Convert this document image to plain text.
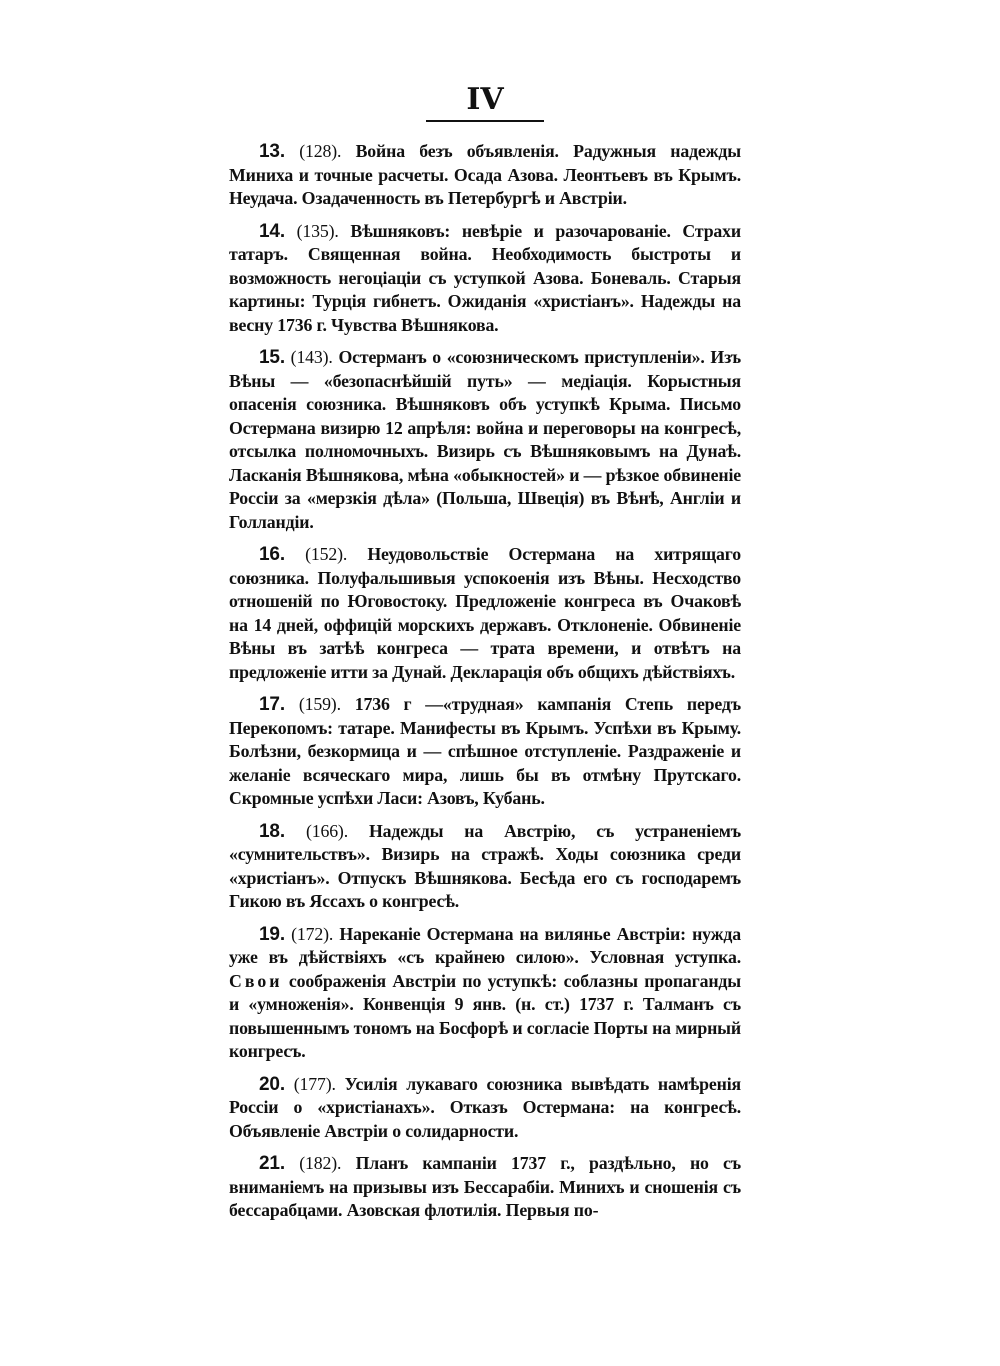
IV

13. (128). Война безъ объявленія. Радужныя надежды Миниха и точные расчеты. Осада Азова. Леонтьевъ въ Крымъ. Неудача. Озадаченность въ Петербургѣ и Австріи.

14. (135). Вѣшняковъ: невѣріе и разочарованіе. Страхи татаръ. Священная война. Необходимость быстроты и возможность негоціаціи съ уступкой Азова. Боневаль. Старыя картины: Турція гибнетъ. Ожиданія «христіанъ». Надежды на весну 1736 г. Чувства Вѣшнякова.

15. (143). Остерманъ о «союзническомъ приступленіи». Изъ Вѣны — «безопаснѣйшій путь» — медіація. Корыстныя опасенія союзника. Вѣшняковъ объ уступкѣ Крыма. Письмо Остермана визирю 12 апрѣля: война и переговоры на конгресѣ, отсылка полномочныхъ. Визирь съ Вѣшняковымъ на Дунаѣ. Ласканія Вѣшнякова, мѣна «обыкностей» и — рѣзкое обвиненіе Россіи за «мерзкія дѣла» (Польша, Швеція) въ Вѣнѣ, Англіи и Голландіи.

16. (152). Неудовольствіе Остермана на хитрящаго союзника. Полуфальшивыя успокоенія изъ Вѣны. Несходство отношеній по Юговостоку. Предложеніе конгреса въ Очаковѣ на 14 дней, оффицій морскихъ державъ. Отклоненіе. Обвиненіе Вѣны въ затѣѣ конгреса — трата времени, и отвѣтъ на предложеніе итти за Дунай. Декларація объ общихъ дѣйствіяхъ.

17. (159). 1736 г —«трудная» кампанія Степь передъ Перекопомъ: татаре. Манифесты въ Крымъ. Успѣхи въ Крыму. Болѣзни, безкормица и — спѣшное отступленіе. Раздраженіе и желаніе всяческаго мира, лишь бы въ отмѣну Прутскаго. Скромные успѣхи Ласи: Азовъ, Кубань.

18. (166). Надежды на Австрію, съ устраненіемъ «сумнительствъ». Визирь на стражѣ. Ходы союзника среди «христіанъ». Отпускъ Вѣшнякова. Бесѣда его съ господаремъ Гикою въ Яссахъ о конгресѣ.

19. (172). Нареканіе Остермана на виляньe Австріи: нужда уже въ дѣйствіяхъ «съ крайнею силою». Условная уступка. Свои соображенія Австріи по уступкѣ: соблазны пропаганды и «умноженія». Конвенція 9 янв. (н. ст.) 1737 г. Талманъ съ повышеннымъ тономъ на Босфорѣ и согласіе Порты на мирный конгресъ.

20. (177). Усилія лукаваго союзника вывѣдать намѣренія Россіи о «христіанахъ». Отказъ Остермана: на конгресѣ. Объявленіе Австріи о солидарности.

21. (182). Планъ кампаніи 1737 г., раздѣльно, но съ вниманіемъ на призывы изъ Бессарабіи. Минихъ и сношенія съ бессарабцами. Азовская флотилія. Первыя по-
